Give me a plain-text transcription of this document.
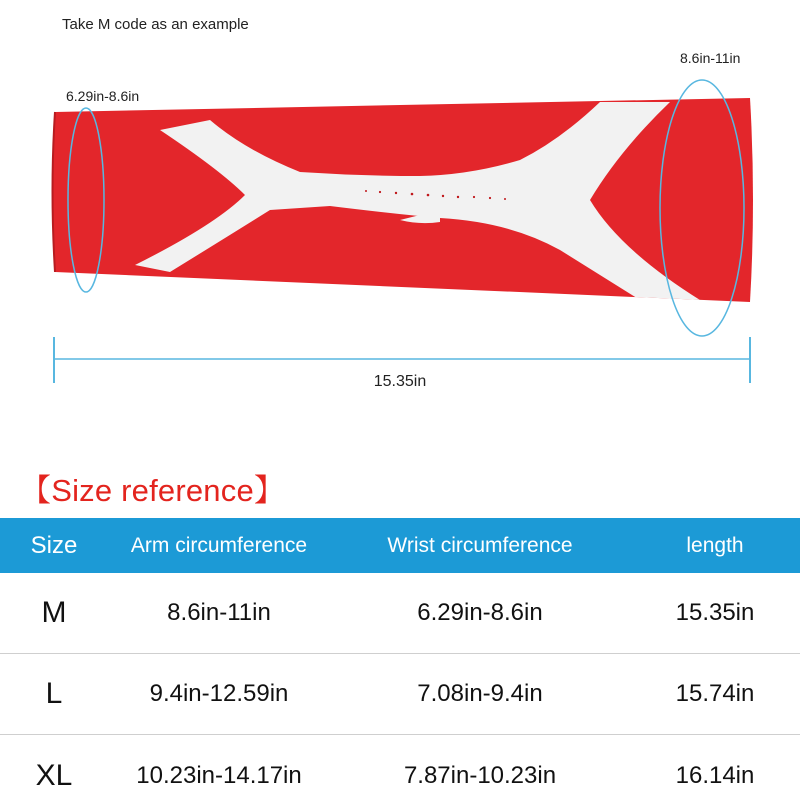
Take M code as an example
6.29in-8.6in
8.6in-11in
15.35in
【Size reference】
Size	Arm circumference	Wrist circumference	length
M	8.6in-11in	6.29in-8.6in	15.35in
L	9.4in-12.59in	7.08in-9.4in	15.74in
XL	10.23in-14.17in	7.87in-10.23in	16.14in
